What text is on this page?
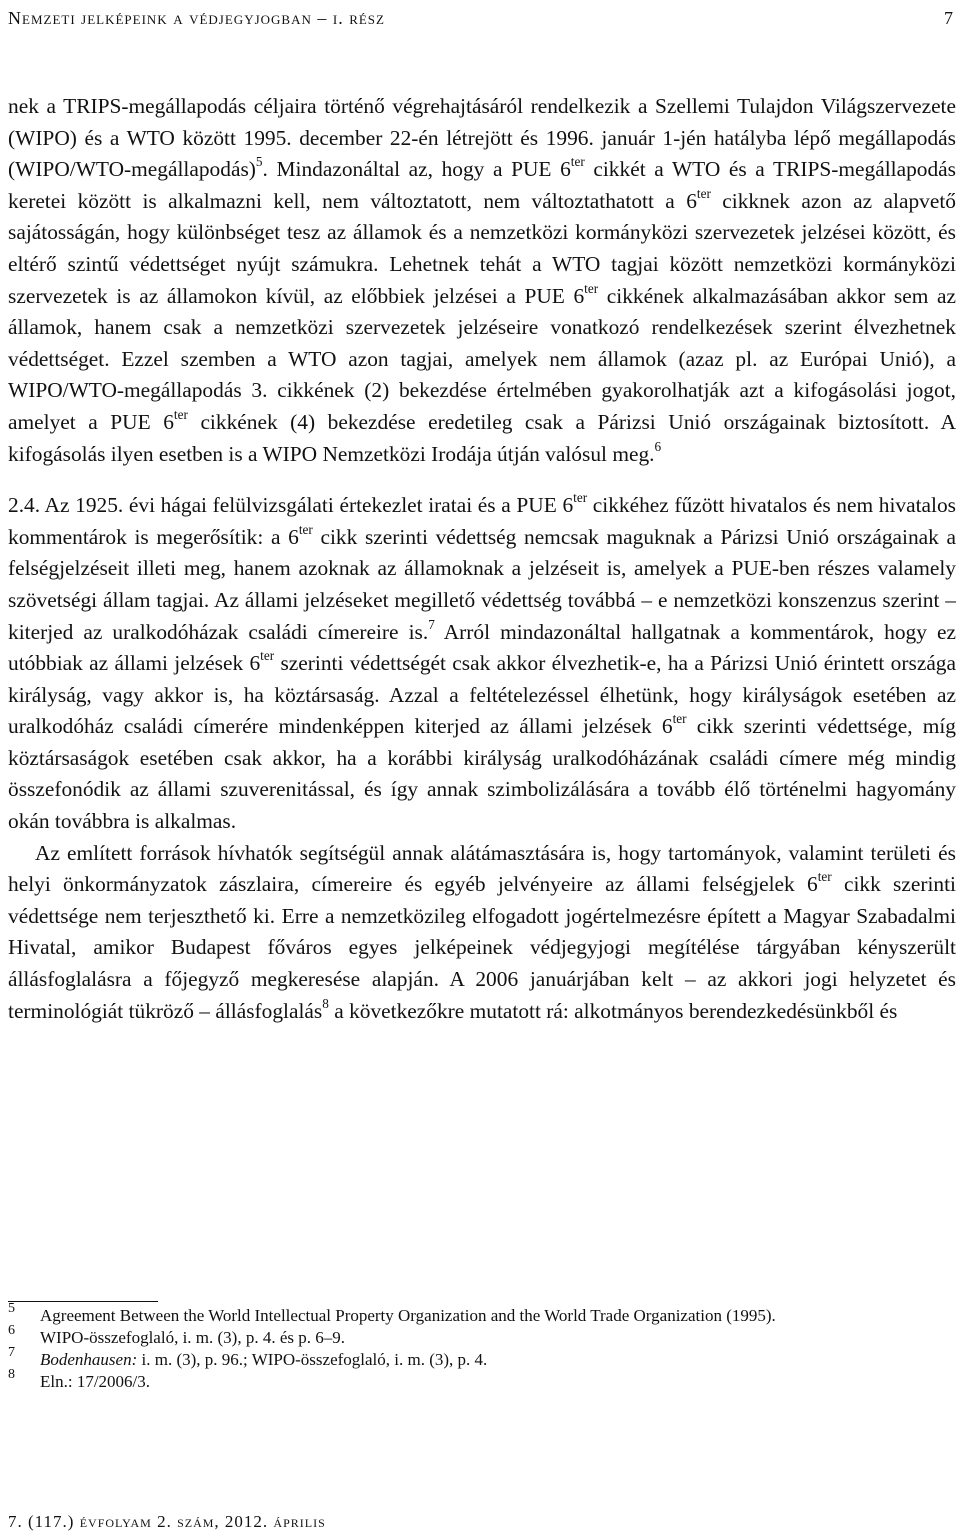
Nemzeti jelképeink a védjegyjogban – i. rész	7

nek a TRIPS-megállapodás céljaira történő végrehajtásáról rendelkezik a Szellemi Tulajdon Világszervezete (WIPO) és a WTO között 1995. december 22-én létrejött és 1996. január 1-jén hatályba lépő megállapodás (WIPO/WTO-megállapodás)$^5$. Mindazonáltal az, hogy a PUE $6^{ter}$ cikkét a WTO és a TRIPS-megállapodás keretei között is alkalmazni kell, nem változtatott, nem változtathatott a $6^{ter}$ cikknek azon az alapvető sajátosságán, hogy különbséget tesz az államok és a nemzetközi kormányközi szervezetek jelzései között, és eltérő szintű védettséget nyújt számukra. Lehetnek tehát a WTO tagjai között nemzetközi kormányközi szervezetek is az államokon kívül, az előbbiek jelzései a PUE $6^{ter}$ cikkének alkalmazásában akkor sem az államok, hanem csak a nemzetközi szervezetek jelzéseire vonatkozó rendelkezések szerint élvezhetnek védettséget. Ezzel szemben a WTO azon tagjai, amelyek nem államok (azaz pl. az Európai Unió), a WIPO/WTO-megállapodás 3. cikkének (2) bekezdése értelmében gyakorolhatják azt a kifogásolási jogot, amelyet a PUE $6^{ter}$ cikkének (4) bekezdése eredetileg csak a Párizsi Unió országainak biztosított. A kifogásolás ilyen esetben is a WIPO Nemzetközi Irodája útján valósul meg.$^6$

2.4. Az 1925. évi hágai felülvizsgálati értekezlet iratai és a PUE $6^{ter}$ cikkéhez fűzött hivatalos és nem hivatalos kommentárok is megerősítik: a $6^{ter}$ cikk szerinti védettség nemcsak maguknak a Párizsi Unió országainak a felségjelzéseit illeti meg, hanem azoknak az államoknak a jelzéseit is, amelyek a PUE-ben részes valamely szövetségi állam tagjai. Az állami jelzéseket megillető védettség továbbá – e nemzetközi konszenzus szerint – kiterjed az uralkodóházak családi címereire is.$^7$ Arról mindazonáltal hallgatnak a kommentárok, hogy ez utóbbiak az állami jelzések $6^{ter}$ szerinti védettségét csak akkor élvezhetik-e, ha a Párizsi Unió érintett országa királyság, vagy akkor is, ha köztársaság. Azzal a feltételezéssel élhetünk, hogy királyságok esetében az uralkodóház családi címerére mindenképpen kiterjed az állami jelzések $6^{ter}$ cikk szerinti védettsége, míg köztársaságok esetében csak akkor, ha a korábbi királyság uralkodóházának családi címere még mindig összefonódik az állami szuverenitással, és így annak szimbolizálására a tovább élő történelmi hagyomány okán továbbra is alkalmas.

Az említett források hívhatók segítségül annak alátámasztására is, hogy tartományok, valamint területi és helyi önkormányzatok zászlaira, címereire és egyéb jelvényeire az állami felségjelek $6^{ter}$ cikk szerinti védettsége nem terjeszthető ki. Erre a nemzetközileg elfogadott jogértelmezésre épített a Magyar Szabadalmi Hivatal, amikor Budapest főváros egyes jelképeinek védjegyjogi megítélése tárgyában kényszerült állásfoglalásra a főjegyző megkeresése alapján. A 2006 januárjában kelt – az akkori jogi helyzetet és terminológiát tükröző – állásfoglalás$^8$ a következőkre mutatott rá: alkotmányos berendezkedésünkből és

5 Agreement Between the World Intellectual Property Organization and the World Trade Organization (1995).
6 WIPO-összefoglaló, i. m. (3), p. 4. és p. 6–9.
7 Bodenhausen: i. m. (3), p. 96.; WIPO-összefoglaló, i. m. (3), p. 4.
8 Eln.: 17/2006/3.
7. (117.) évfolyam 2. szám, 2012. április
